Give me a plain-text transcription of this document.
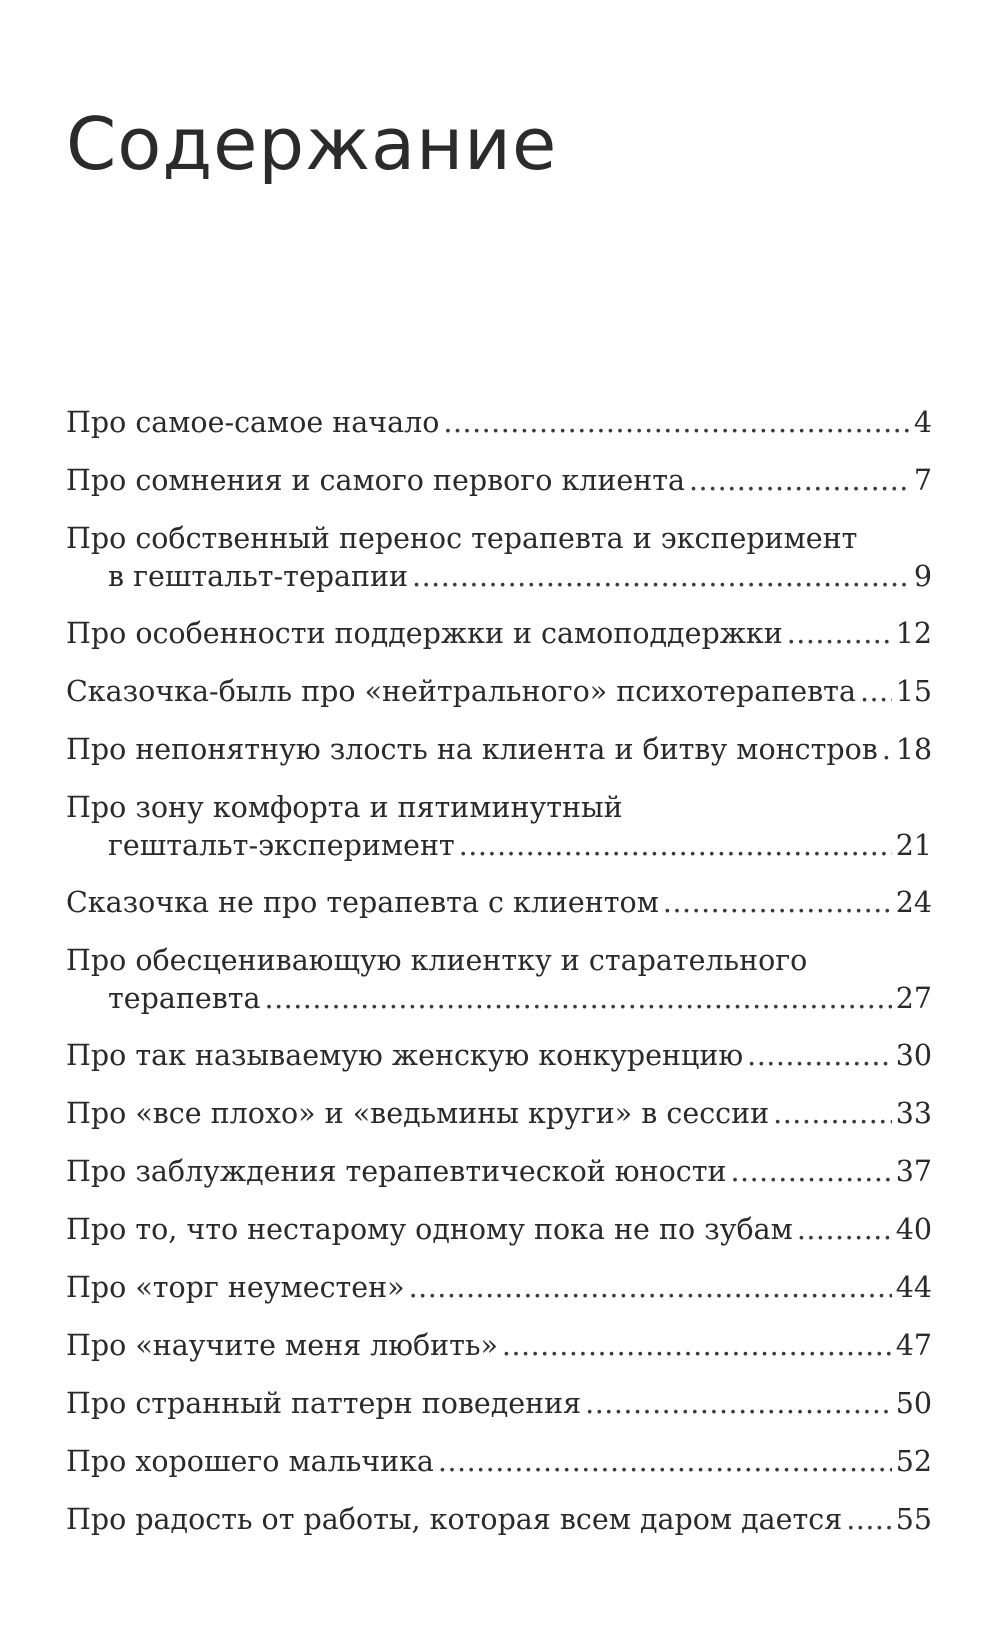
Содержание
Про самое-самое начало .....	4
Про сомнения и самого первого клиента .....	7
Про собственный перенос терапевта и эксперимент
в гештальт-терапии .....	9
Про особенности поддержки и самоподдержки .....	12
Сказочка-быль про «нейтрального» психотерапевта ..... 15
Про непонятную злость на клиента и битву монстров ..... 18
Про зону комфорта и пятиминутный
гештальт-эксперимент .....	21
Сказочка не про терапевта с клиентом .....	24
Про обесценивающую клиентку и старательного
терапевта .....	27
Про так называемую женскую конкуренцию .....	30
Про «все плохо» и «ведьмины круги» в сессии .....	33
Про заблуждения терапевтической юности .....	37
Про то, что нестарому одному пока не по зубам .....	40
Про «торг неуместен» .....	44
Про «научите меня любить» .....	47
Про странный паттерн поведения .....	50
Про хорошего мальчика .....	52
Про радость от работы, которая всем даром дается ..... 55
